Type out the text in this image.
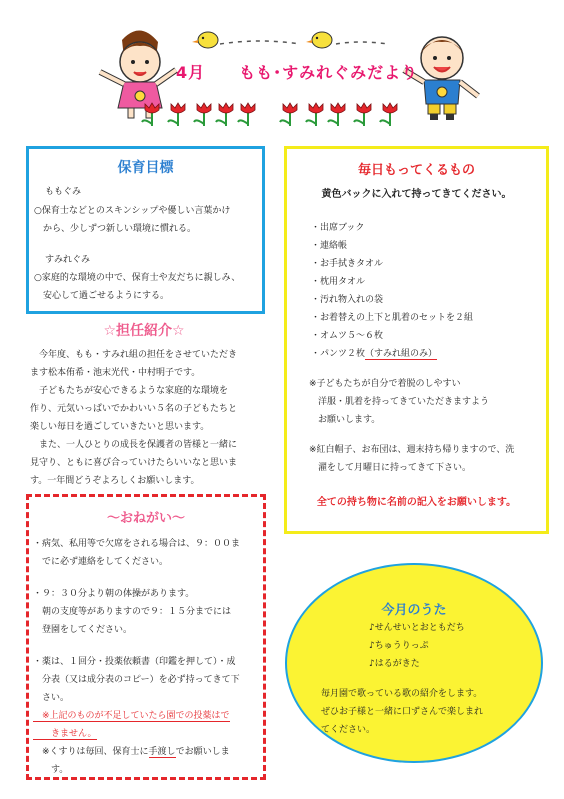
4月 もも･すみれぐみだより
保育目標
ももぐみ
○保育士などとのスキンシップや優しい言葉かけ
　から、少しずつ新しい環境に慣れる。
すみれぐみ
○家庭的な環境の中で、保育士や友だちに親しみ、
　安心して過ごせるようにする。
☆担任紹介☆
　今年度、もも・すみれ組の担任をさせていただき
ます松本侑希・池末光代・中村明子です。
　子どもたちが安心できるような家庭的な環境を
作り、元気いっぱいでかわいい５名の子どもたちと
楽しい毎日を過ごしていきたいと思います。
　また、一人ひとりの成長を保護者の皆様と一緒に
見守り、ともに喜び合っていけたらいいなと思いま
す。一年間どうぞよろしくお願いします。
～おねがい～
・病気、私用等で欠席をされる場合は、９：００ま
　でに必ず連絡をしてください。
・９：３０分より朝の体操があります。
　朝の支度等がありますので９：１５分までには
　登園をしてください。
・薬は、１回分・投薬依頼書（印鑑を押して）・成
　分表（又は成分表のコピー）を必ず持ってきて下
　さい。
　※上記のものが不足していたら園での投薬はで
　　きません。
　※くすりは毎回、保育士に手渡しでお願いしま
　　す。
毎日もってくるもの
黄色バックに入れて持ってきてください。
・出席ブック
・連絡帳
・お手拭きタオル
・枕用タオル
・汚れ物入れの袋
・お着替えの上下と肌着のセットを２組
・オムツ５～６枚
・パンツ２枚（すみれ組のみ）
※子どもたちが自分で着脱のしやすい
　洋服・肌着を持ってきていただきますよう
　お願いします。
※紅白帽子、お布団は、週末持ち帰りますので、洗
　濯をして月曜日に持ってきて下さい。
全ての持ち物に名前の記入をお願いします。
今月のうた
♪せんせいとおともだち
♪ちゅうりっぷ
♪はるがきた
毎月園で歌っている歌の紹介をします。
ぜひお子様と一緒に口ずさんで楽しまれ
てください。
